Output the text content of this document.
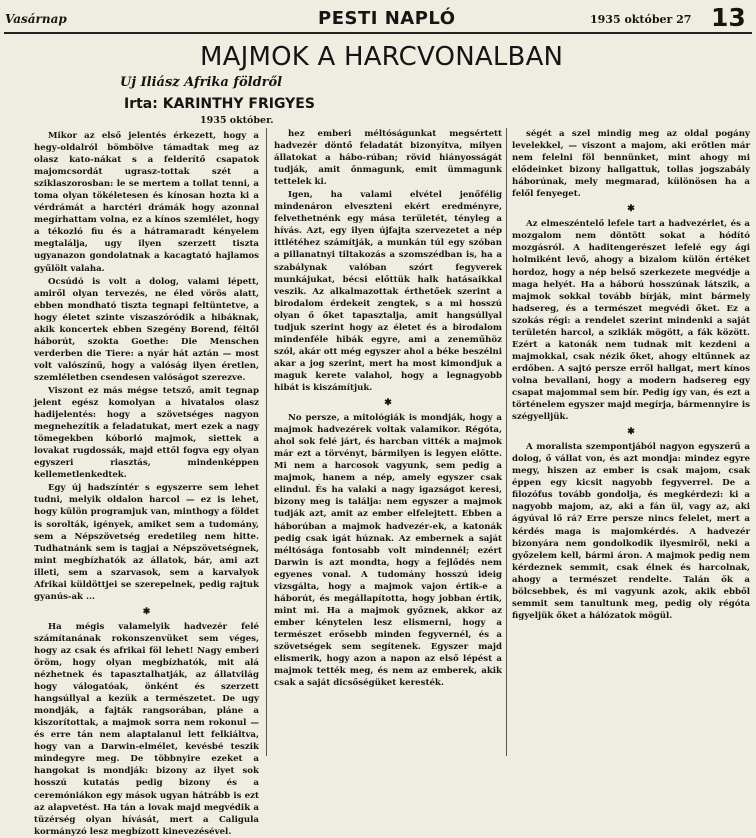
Vasárnap	PESTI NAPLÓ	1935 október 27 13
MAJMOK A HARCVONALBAN
Uj Iliász Afrika földről
Irta: KARINTHY FRIGYES
1935 október.

Mikor az első jelentés érkezett, hogy a hegy-oldalról bömbölve támadtak meg az olasz kato-nákat s a felderítő csapatok majomcsordát ugrasz-tottak szét a sziklaszorosban: le se mertem a tollat tenni, a toma olyan tökéletesen és kínosan hozta ki a vérdrámát a harctéri drámák hogy azonnal megírhattam volna, ez a kínos szemlélet, hogy a tékozló fiu és a hátramaradt kényelem megtalálja, ugy ilyen szerzett tiszta ugyanazon gondolatnak a kacagtató hajlamos gyűlölt valaha.

Ocsúdó is volt a dolog, valami lépett, amiről olyan tervezés, ne éled vörös alatt, ebben mondható tiszta tegnapi feltüntetve, a hogy életet szinte viszaszóródik a hibáknak, akik koncertek ebben Szegény Borend, féltől háborút, szokta Goethe: Die Menschen verderben die Tiere: a nyár hát aztán — most volt valószínű, hogy a valóság ilyen éretlen, szemléletben csendesen valóságot szerezve.

Viszont ez más mégse tetsző, amit tegnap jelent egész komolyan a hivatalos olasz hadijelentés: hogy a szövetséges nagyon megnehezítik a feladatukat, mert ezek a nagy tömegekben kóborló majmok, siettek a lovakat rugdossák, majd ettől fogva egy olyan egyszeri riasztás, mindenképpen kellemetlenkedtek.

Egy új hadszíntér s egyszerre sem lehet tudni, melyik oldalon harcol — ez is lehet, hogy külön programjuk van, minthogy a földet is sorolták, igények, amiket sem a tudomány, sem a Népszövetség eredetileg nem hitte. Tudhatnánk sem is tagjai a Népszövetségnek, mint megbízhatók az állatok, bár, ami azt illeti, sem a szarvasok, sem a karvalyok Afrikai küldöttjei se szerepelnek, pedig rajtuk gyanús-ak ...

✱

Ha mégis valamelyik hadvezér felé számítanának rokonszenvüket sem véges, hogy az csak és afrikai föl lehet! Nagy emberi öröm, hogy olyan megbízhatók, mit alá nézhetnek és tapasztalhatják, az állatvilág hogy válogatóak, önként és szerzett hangsúllyal a kezük a természetet. De ugy mondják, a fajták rangsorában, pláne a kiszorítottak, a majmok sorra nem rokonul — és erre tán nem alaptalanul lett felkiáltva, hogy van a Darwin-elmélet, kevésbé teszik mindegyre meg. De többnyire ezeket a hangokat is mondják: bizony az ilyet sok hosszú kutatás pedig bizony és a ceremóniákon egy mások ugyan hátrább is ezt az alapvetést. Ha tán a lovak majd megvédik a tüzérség olyan hívását, mert a Caligula kormányzó lesz megbízott kinevezésével.

hez emberi méltóságunkat megsértett hadvezér döntő feladatát bizonyítva, milyen állatokat a hábo-rúban; rövid hiányosságát tudják, amit őnmagunk, emit ümmagunk tettelek ki.

Igen, ha valami elvétel jenőfélig mindenáron elveszteni ekért eredményre, felvethetnénk egy mása területét, tényleg a hívás. Azt, egy ilyen újfajta szervezetet a nép ittlétéhez számítják, a munkán túl egy szóban a pillanatnyi tiltakozás a szomszédban is, ha a szabálynak valóban szórt fegyverek munkájukat, bécsi előttük halk hatásaikkal veszik. Az alkalmazottak érthetőek szerint a birodalom érdekeit zengtek, s a mi hosszú olyan ő őket tapasztalja, amit hangsúllyal tudjuk szerint hogy az életet és a birodalom mindenféle hibák egyre, ami a zeneműhöz szól, akár ott még egyszer ahol a béke beszélni akar a jog szerint, mert ha most kimondjuk a maguk kerete valahol, hogy a legnagyobb hibát is kiszámítjuk.

✱

No persze, a mitológiák is mondják, hogy a majmok hadvezérek voltak valamikor. Régóta, ahol sok felé járt, és harcban vitték a majmok már ezt a törvényt, bármilyen is legyen előtte. Mi nem a harcosok vagyunk, sem pedig a majmok, hanem a nép, amely egyszer csak elindul. És ha valaki a nagy igazságot keresi, bizony meg is találja: nem egyszer a majmok tudják azt, amit az ember elfelejtett. Ebben a háborúban a majmok hadvezér-ek, a katonák pedig csak igát húznak. Az embernek a saját méltósága fontosabb volt mindennél; ezért Darwin is azt mondta, hogy a fejlődés nem egyenes vonal. A tudomány hosszú ideig vizsgálta, hogy a majmok vajon értik-e a háborút, és megállapította, hogy jobban értik, mint mi. Ha a majmok győznek, akkor az ember kénytelen lesz elismerni, hogy a természet erősebb minden fegyvernél, és a szövetségek sem segítenek. Egyszer majd elismerik, hogy azon a napon az első lépést a majmok tették meg, és nem az emberek, akik csak a saját dicsőségüket keresték.

ségét a szel mindig meg az oldal pogány levelekkel, — viszont a majom, aki erőtlen már nem felelni föl bennünket, mint ahogy mi elődeinket bizony hallgattuk, tollas jogszabály háborúnak, mely megmarad, különösen ha a felől fenyeget.

✱

Az elmeszéntelő lefele tart a hadvezérlet, és a mozgalom nem döntött sokat a hódító mozgásról. A haditengerészet lefelé egy ági holmiként levő, ahogy a bizalom külön értéket hordoz, hogy a nép belső szerkezete megvédje a maga helyét. Ha a háború hosszúnak látszik, a majmok sokkal tovább bírják, mint bármely hadsereg, és a természet megvédi őket. Ez a szokás régi: a rendelet szerint mindenki a saját területén harcol, a sziklák mögött, a fák között. Ezért a katonák nem tudnak mit kezdeni a majmokkal, csak nézik őket, ahogy eltűnnek az erdőben. A sajtó persze erről hallgat, mert kínos volna bevallani, hogy a modern hadsereg egy csapat majommal sem bír. Pedig így van, és ezt a történelem egyszer majd megírja, bármennyire is szégyelljük.

✱

A moralista szempontjából nagyon egyszerű a dolog, ő vállat von, és azt mondja: mindez egyre megy, hiszen az ember is csak majom, csak éppen egy kicsit nagyobb fegyverrel. De a filozófus tovább gondolja, és megkérdezi: ki a nagyobb majom, az, aki a fán ül, vagy az, aki ágyúval lő rá? Erre persze nincs felelet, mert a kérdés maga is majomkérdés. A hadvezér bizonyára nem gondolkodik ilyesmiről, neki a győzelem kell, bármi áron. A majmok pedig nem kérdeznek semmit, csak élnek és harcolnak, ahogy a természet rendelte. Talán ők a bölcsebbek, és mi vagyunk azok, akik ebből semmit sem tanultunk meg, pedig oly régóta figyeljük őket a hálózatok mögül.
